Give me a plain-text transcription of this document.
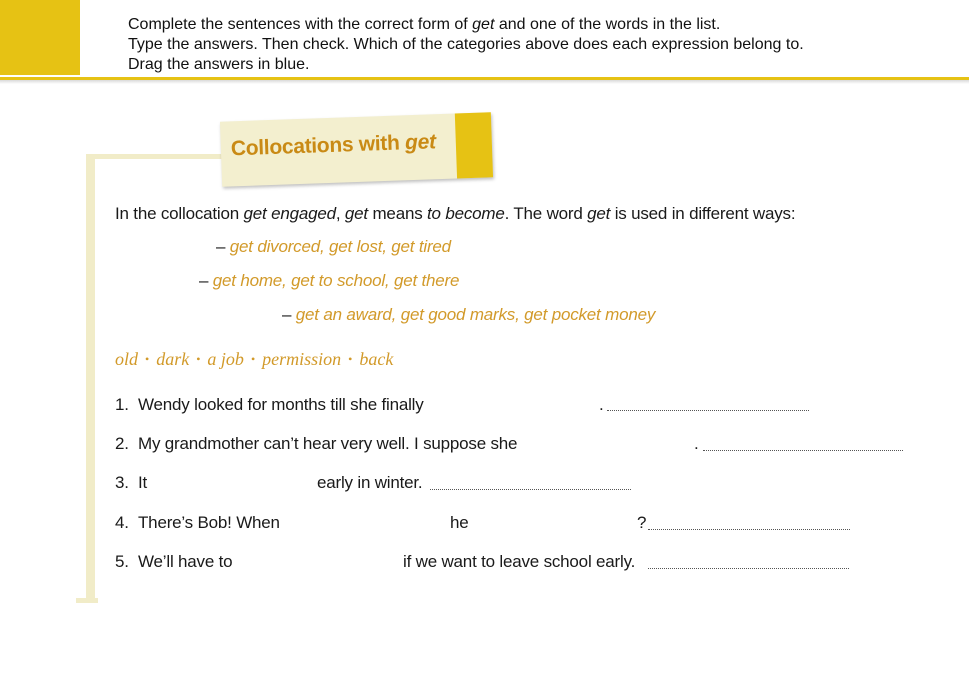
Complete the sentences with the correct form of get and one of the words in the list.
Type the answers. Then check. Which of the categories above does each expression belong to.
Drag the answers in blue.
Collocations with get
In the collocation get engaged, get means to become. The word get is used in different ways:
– get divorced, get lost, get tired
– get home, get to school, get there
– get an award, get good marks, get pocket money
old • dark • a job • permission • back
1. Wendy looked for months till she finally	.
2. My grandmother can’t hear very well. I suppose she	.
3. It	early in winter.
4. There’s Bob! When	he	?
5. We’ll have to	if we want to leave school early.
